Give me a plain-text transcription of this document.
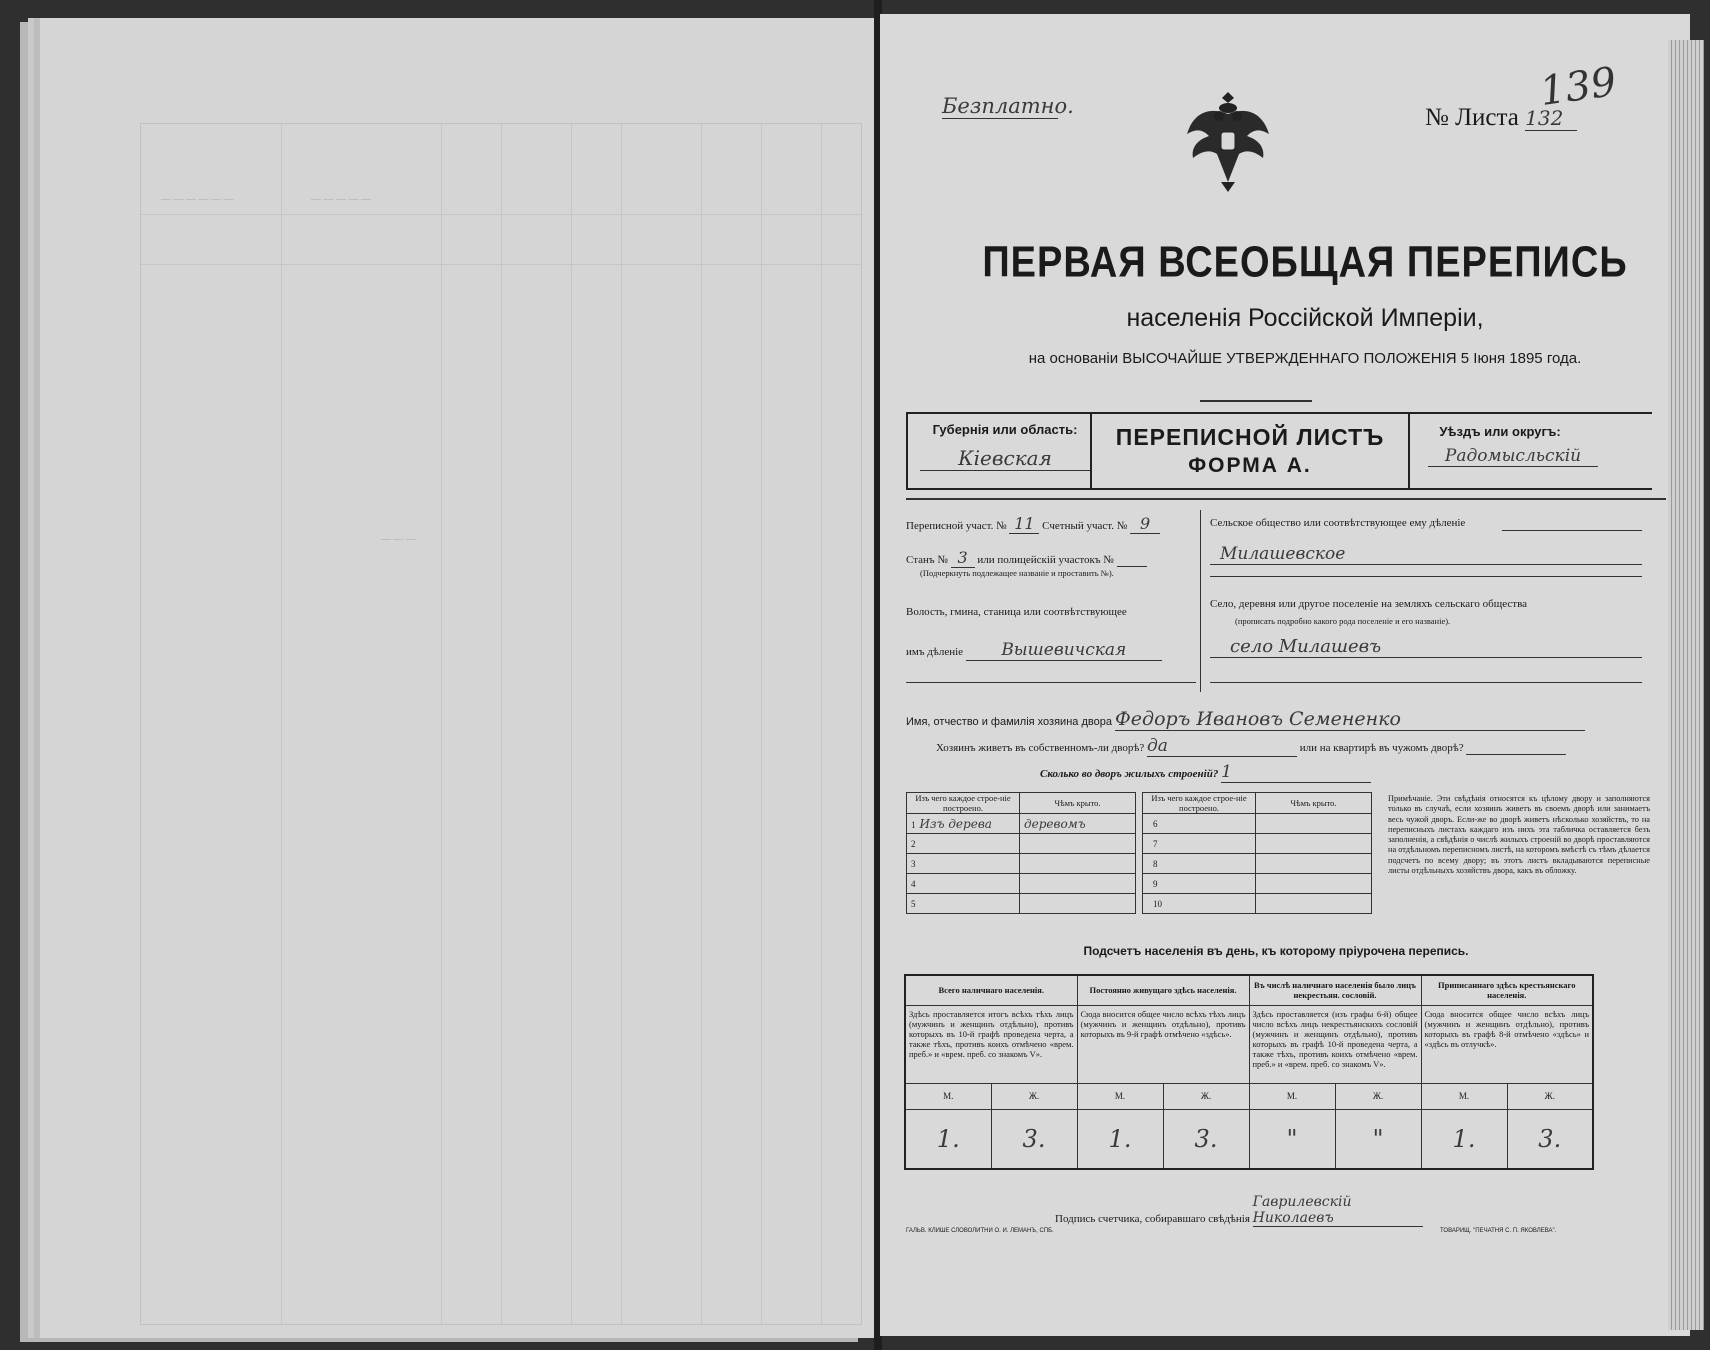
— — — — — —	— — — — —
— — —
Безплатно.	№ Листа 132
139
ПЕРВАЯ ВСЕОБЩАЯ ПЕРЕПИСЬ
населенія Россійской Имперіи,
на основаніи ВЫСОЧАЙШЕ УТВЕРЖДЕННАГО ПОЛОЖЕНІЯ 5 Іюня 1895 года.
Губернія или область:
Кiевская
ПЕРЕПИСНОЙ ЛИСТЪ
ФОРМА А.
Уѣздъ или округъ:
Радомысльскiй
Переписной участ. № 11 Счетный участ. № 9
Станъ № 3 или полицейскій участокъ №
(Подчеркнуть подлежащее названіе и проставить №).
Волость, гмина, станица или соотвѣтствующее
имъ дѣленіе Вышевичская
Сельское общество или соотвѣтствующее ему дѣленіе
Милашевское
Село, деревня или другое поселеніе на земляхъ сельскаго общества
(прописать подробно какого рода поселеніе и его названіе).
село Милашевъ
Имя, отчество и фамилія хозяина двора Федоръ Ивановъ Семененко
Хозяинъ живетъ въ собственномъ-ли дворѣ? да	или на квартирѣ въ чужомъ дворѣ?
Сколько во дворъ жилыхъ строеній? 1
Изъ чего каждое строе-ніе построено.	Чѣмъ крыто.
1 Изъ дерева	деревомъ
2	
3	
4	
5	
Изъ чего каждое строе-ніе построено.	Чѣмъ крыто.
6	
7	
8	
9	
10	
Примѣчаніе. Эти свѣдѣнія относятся къ цѣлому двору и заполняются только въ случаѣ, если хозяинъ живетъ въ своемъ дворѣ или занимаетъ весь чужой дворъ. Если-же во дворѣ живетъ нѣсколько хозяйствъ, то на переписныхъ листахъ каждаго изъ нихъ эта табличка оставляется безъ заполненія, а свѣдѣнія о числѣ жилыхъ строеній во дворѣ проставляются на отдѣльномъ переписномъ листѣ, на которомъ вмѣстѣ съ тѣмъ дѣлается подсчетъ по всему двору; въ этотъ листъ вкладываются переписные листы отдѣльныхъ хозяйствъ двора, какъ въ обложку.
Подсчетъ населенія въ день, къ которому пріурочена перепись.
Всего наличнаго населенія.		Постоянно живущаго здѣсь населенія.		Въ числѣ наличнаго населенія было лицъ некрестьян. сословій.		Приписаннаго здѣсь крестьянскаго населенія.	
Здѣсь проставляется итогъ всѣхъ тѣхъ лицъ (мужчинъ и женщинъ отдѣльно), противъ которыхъ въ 10-й графѣ проведена черта, а также тѣхъ, противъ коихъ отмѣчено «врем. преб.» и «врем. преб. со знакомъ V».		Сюда вносится общее число всѣхъ тѣхъ лицъ (мужчинъ и женщинъ отдѣльно), противъ которыхъ въ 9-й графѣ отмѣчено «здѣсь».		Здѣсь проставляется (изъ графы 6-й) общее число всѣхъ лицъ некрестьянскихъ сословій (мужчинъ и женщинъ отдѣльно), противъ которыхъ въ графѣ 10-й проведена черта, а также тѣхъ, противъ коихъ отмѣчено «врем. преб.» и «врем. преб. со знакомъ V».		Сюда вносится общее число всѣхъ лицъ (мужчинъ и женщинъ отдѣльно), противъ которыхъ въ графѣ 8-й отмѣчено «здѣсь» и «здѣсь въ отлучкѣ».	
М.	Ж.	М.	Ж.	М.	Ж.	М.	Ж.
1.	3.	1.	3.	"	"	1.	3.
Подпись счетчика, собиравшаго свѣдѣнія Гаврилевскiй Николаевъ
ГАЛЬВ. КЛИШЕ СЛОВОЛИТНИ О. И. ЛЕМАНЪ, СПБ.	ТОВАРИЩ. "ПЕЧАТНЯ С. П. ЯКОВЛЕВА".
